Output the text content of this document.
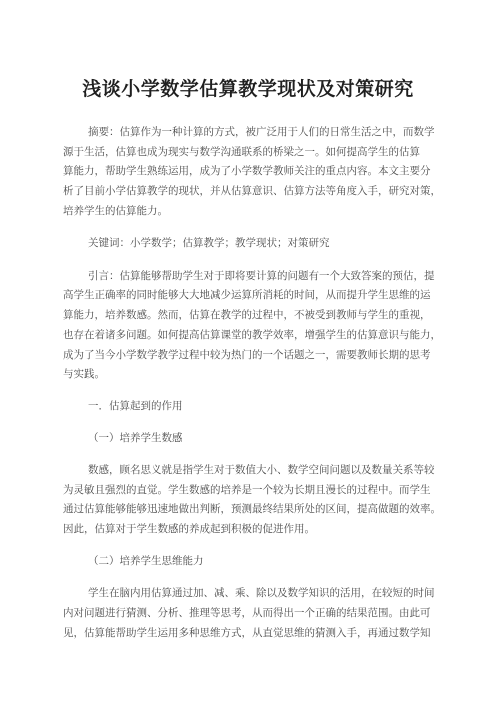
浅谈小学数学估算教学现状及对策研究
摘要：估算作为一种计算的方式，被广泛用于人们的日常生活之中，而数学
源于生活，估算也成为现实与数学沟通联系的桥梁之一。如何提高学生的估算
算能力，帮助学生熟练运用，成为了小学数学教师关注的重点内容。本文主要分
析了目前小学估算教学的现状，并从估算意识、估算方法等角度入手，研究对策，
培养学生的估算能力。
关键词：小学数学；估算教学；教学现状；对策研究
引言：估算能够帮助学生对于即将要计算的问题有一个大致答案的预估，提
高学生正确率的同时能够大大地减少运算所消耗的时间，从而提升学生思维的运
算能力，培养数感。然而，估算在教学的过程中，不被受到教师与学生的重视，
也存在着诸多问题。如何提高估算课堂的教学效率，增强学生的估算意识与能力，
成为了当今小学数学教学过程中较为热门的一个话题之一，需要教师长期的思考
与实践。
一．估算起到的作用
（一）培养学生数感
数感，顾名思义就是指学生对于数值大小、数学空间问题以及数量关系等较
为灵敏且强烈的直觉。学生数感的培养是一个较为长期且漫长的过程中。而学生
通过估算能够能够迅速地做出判断，预测最终结果所处的区间，提高做题的效率。
因此，估算对于学生数感的养成起到积极的促进作用。
（二）培养学生思维能力
学生在脑内用估算通过加、减、乘、除以及数学知识的活用，在较短的时间
内对问题进行猜测、分析、推理等思考，从而得出一个正确的结果范围。由此可
见，估算能帮助学生运用多种思维方式，从直觉思维的猜测入手，再通过数学知
